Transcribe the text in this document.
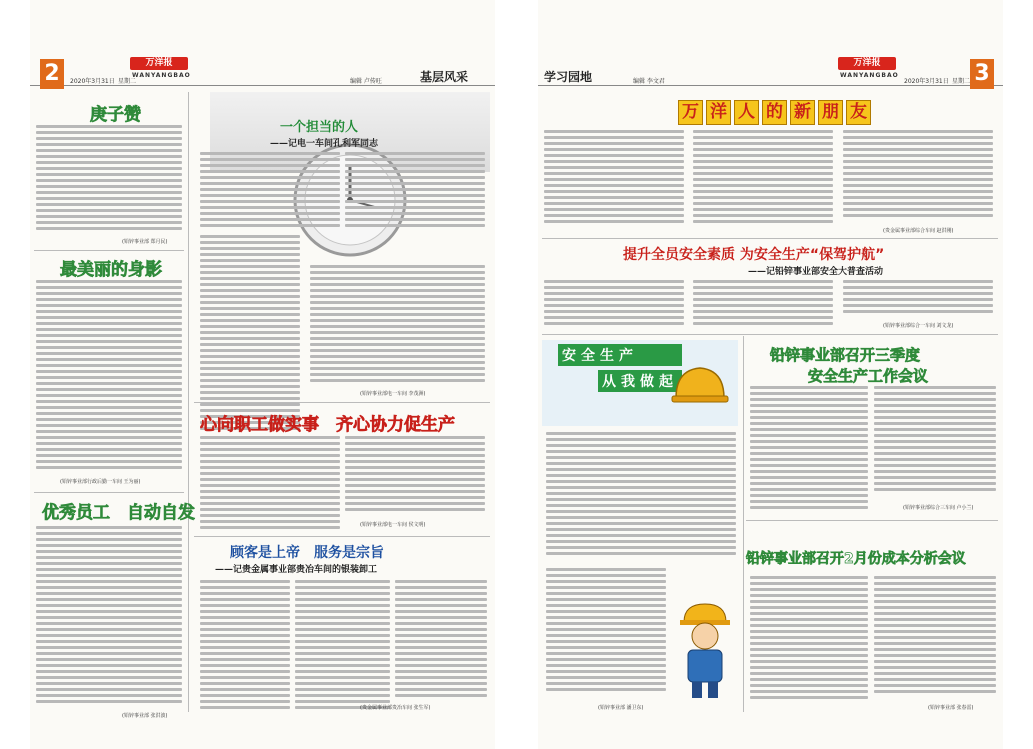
2	万洋报
WANYANGBAO
2020年3月31日 星期二	编辑 卢传旺	基层风采
庚子赞
(铅锌事业部 郑月民)
最美丽的身影
(铅锌事业部行政后勤一车间 王为丽)
优秀员工　自动自发
(铅锌事业部 张洪波)
一个担当的人
——记电一车间孔利军同志
(铅锌事业部电一车间 李茂洲)
心向职工做实事　齐心协力促生产
(铅锌事业部电一车间 侯文明)
顾客是上帝　服务是宗旨
——记贵金属事业部贵冶车间的银装卸工
(贵金属事业部贵冶车间 张生军)
学习园地	编辑 李文君
万洋报
WANYANGBAO
2020年3月31日 星期二 3
万 洋 人 的 新 朋 友
(贵金属事业部综合车间 赵洪刚)
提升全员安全素质 为安全生产“保驾护航”
——记铅锌事业部安全大普查活动
(铅锌事业部综合一车间 刘文龙)
安全生产
从我做起
(铅锌事业部 潘卫东)
铅锌事业部召开三季度
安全生产工作会议
(铅锌事业部综合三车间 卢小兰)
铅锌事业部召开2月份成本分析会议
(铅锌事业部 张春雷)
